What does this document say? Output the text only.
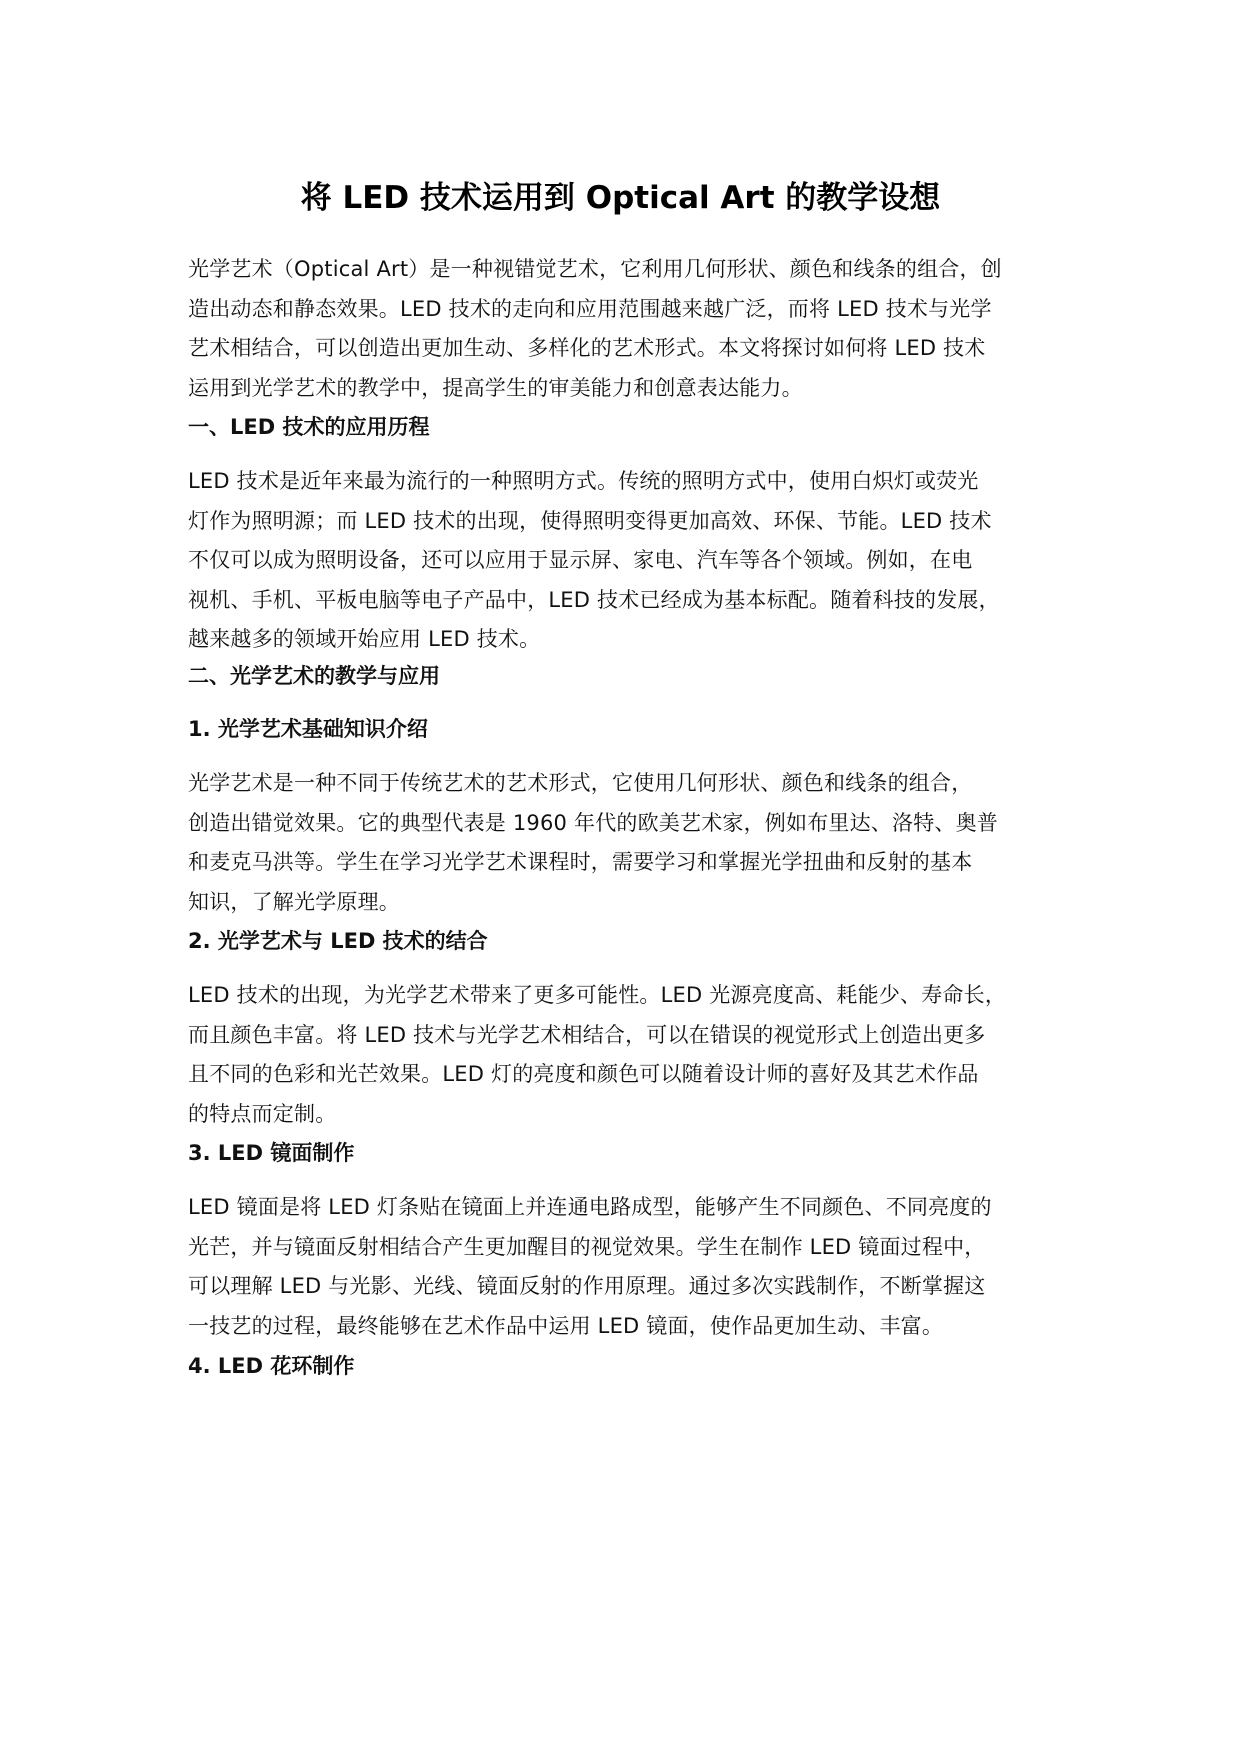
将 LED 技术运用到 Optical Art 的教学设想

光学艺术（Optical Art）是一种视错觉艺术，它利用几何形状、颜色和线条的组合，创
造出动态和静态效果。LED 技术的走向和应用范围越来越广泛，而将 LED 技术与光学
艺术相结合，可以创造出更加生动、多样化的艺术形式。本文将探讨如何将 LED 技术
运用到光学艺术的教学中，提高学生的审美能力和创意表达能力。

一、LED 技术的应用历程

LED 技术是近年来最为流行的一种照明方式。传统的照明方式中，使用白炽灯或荧光
灯作为照明源；而 LED 技术的出现，使得照明变得更加高效、环保、节能。LED 技术
不仅可以成为照明设备，还可以应用于显示屏、家电、汽车等各个领域。例如，在电
视机、手机、平板电脑等电子产品中，LED 技术已经成为基本标配。随着科技的发展，
越来越多的领域开始应用 LED 技术。

二、光学艺术的教学与应用
1. 光学艺术基础知识介绍

光学艺术是一种不同于传统艺术的艺术形式，它使用几何形状、颜色和线条的组合，
创造出错觉效果。它的典型代表是 1960 年代的欧美艺术家，例如布里达、洛特、奥普
和麦克马洪等。学生在学习光学艺术课程时，需要学习和掌握光学扭曲和反射的基本
知识，了解光学原理。

2. 光学艺术与 LED 技术的结合

LED 技术的出现，为光学艺术带来了更多可能性。LED 光源亮度高、耗能少、寿命长，
而且颜色丰富。将 LED 技术与光学艺术相结合，可以在错误的视觉形式上创造出更多
且不同的色彩和光芒效果。LED 灯的亮度和颜色可以随着设计师的喜好及其艺术作品
的特点而定制。

3. LED 镜面制作

LED 镜面是将 LED 灯条贴在镜面上并连通电路成型，能够产生不同颜色、不同亮度的
光芒，并与镜面反射相结合产生更加醒目的视觉效果。学生在制作 LED 镜面过程中，
可以理解 LED 与光影、光线、镜面反射的作用原理。通过多次实践制作，不断掌握这
一技艺的过程，最终能够在艺术作品中运用 LED 镜面，使作品更加生动、丰富。

4. LED 花环制作
